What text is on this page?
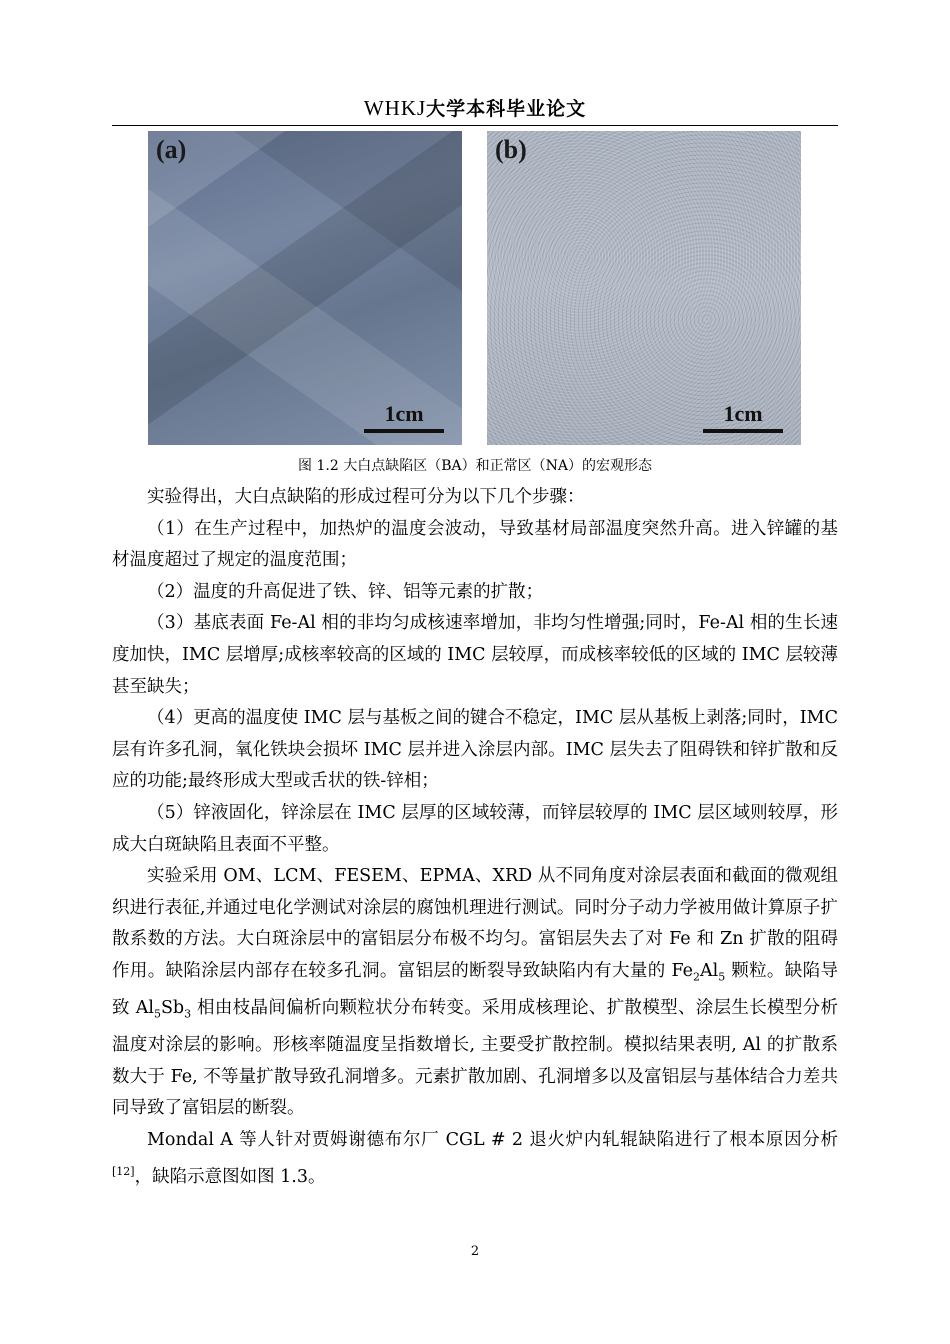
WHKJ大学本科毕业论文
(a)
1cm
(b)
1cm
图 1.2 大白点缺陷区（BA）和正常区（NA）的宏观形态

实验得出，大白点缺陷的形成过程可分为以下几个步骤：

（1）在生产过程中，加热炉的温度会波动，导致基材局部温度突然升高。进入锌罐的基材温度超过了规定的温度范围；

（2）温度的升高促进了铁、锌、铝等元素的扩散；

（3）基底表面 Fe-Al 相的非均匀成核速率增加，非均匀性增强;同时，Fe-Al 相的生长速度加快，IMC 层增厚;成核率较高的区域的 IMC 层较厚，而成核率较低的区域的 IMC 层较薄甚至缺失；

（4）更高的温度使 IMC 层与基板之间的键合不稳定，IMC 层从基板上剥落;同时，IMC 层有许多孔洞，氧化铁块会损坏 IMC 层并进入涂层内部。IMC 层失去了阻碍铁和锌扩散和反应的功能;最终形成大型或舌状的铁-锌相；

（5）锌液固化，锌涂层在 IMC 层厚的区域较薄，而锌层较厚的 IMC 层区域则较厚，形成大白斑缺陷且表面不平整。

实验采用 OM、LCM、FESEM、EPMA、XRD 从不同角度对涂层表面和截面的微观组织进行表征,并通过电化学测试对涂层的腐蚀机理进行测试。同时分子动力学被用做计算原子扩散系数的方法。大白斑涂层中的富铝层分布极不均匀。富铝层失去了对 Fe 和 Zn 扩散的阻碍作用。缺陷涂层内部存在较多孔洞。富铝层的断裂导致缺陷内有大量的 $Fe_2Al_5$ 颗粒。缺陷导致 $Al_5Sb_3$ 相由枝晶间偏析向颗粒状分布转变。采用成核理论、扩散模型、涂层生长模型分析温度对涂层的影响。形核率随温度呈指数增长, 主要受扩散控制。模拟结果表明, Al 的扩散系数大于 Fe, 不等量扩散导致孔洞增多。元素扩散加剧、孔洞增多以及富铝层与基体结合力差共同导致了富铝层的断裂。

Mondal A 等人针对贾姆谢德布尔厂 CGL # 2 退火炉内轧辊缺陷进行了根本原因分析[12]，缺陷示意图如图 1.3。

2
